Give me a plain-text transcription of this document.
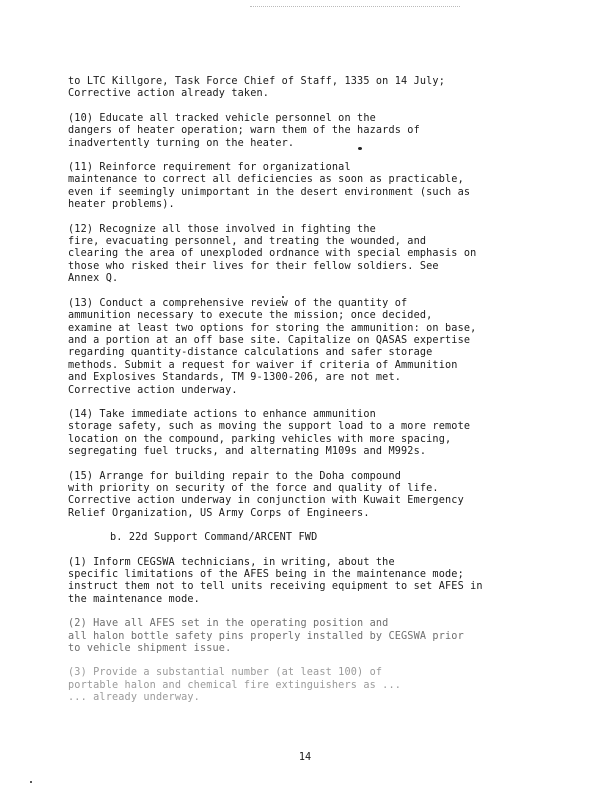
to LTC Killgore, Task Force Chief of Staff, 1335 on 14 July;
Corrective action already taken.

(10) Educate all tracked vehicle personnel on the
dangers of heater operation; warn them of the hazards of
inadvertently turning on the heater.

(11) Reinforce requirement for organizational
maintenance to correct all deficiencies as soon as practicable,
even if seemingly unimportant in the desert environment (such as
heater problems).

(12) Recognize all those involved in fighting the
fire, evacuating personnel, and treating the wounded, and
clearing the area of unexploded ordnance with special emphasis on
those who risked their lives for their fellow soldiers. See
Annex Q.

(13) Conduct a comprehensive review of the quantity of
ammunition necessary to execute the mission; once decided,
examine at least two options for storing the ammunition: on base,
and a portion at an off base site. Capitalize on QASAS expertise
regarding quantity-distance calculations and safer storage
methods. Submit a request for waiver if criteria of Ammunition
and Explosives Standards, TM 9-1300-206, are not met.
Corrective action underway.

(14) Take immediate actions to enhance ammunition
storage safety, such as moving the support load to a more remote
location on the compound, parking vehicles with more spacing,
segregating fuel trucks, and alternating M109s and M992s.

(15) Arrange for building repair to the Doha compound
with priority on security of the force and quality of life.
Corrective action underway in conjunction with Kuwait Emergency
Relief Organization, US Army Corps of Engineers.

b. 22d Support Command/ARCENT FWD

(1) Inform CEGSWA technicians, in writing, about the
specific limitations of the AFES being in the maintenance mode;
instruct them not to tell units receiving equipment to set AFES in
the maintenance mode.

(2) Have all AFES set in the operating position and
all halon bottle safety pins properly installed by CEGSWA prior
to vehicle shipment issue.

(3) Provide a substantial number (at least 100) of
portable halon and chemical fire extinguishers as ...
... already underway.

14
